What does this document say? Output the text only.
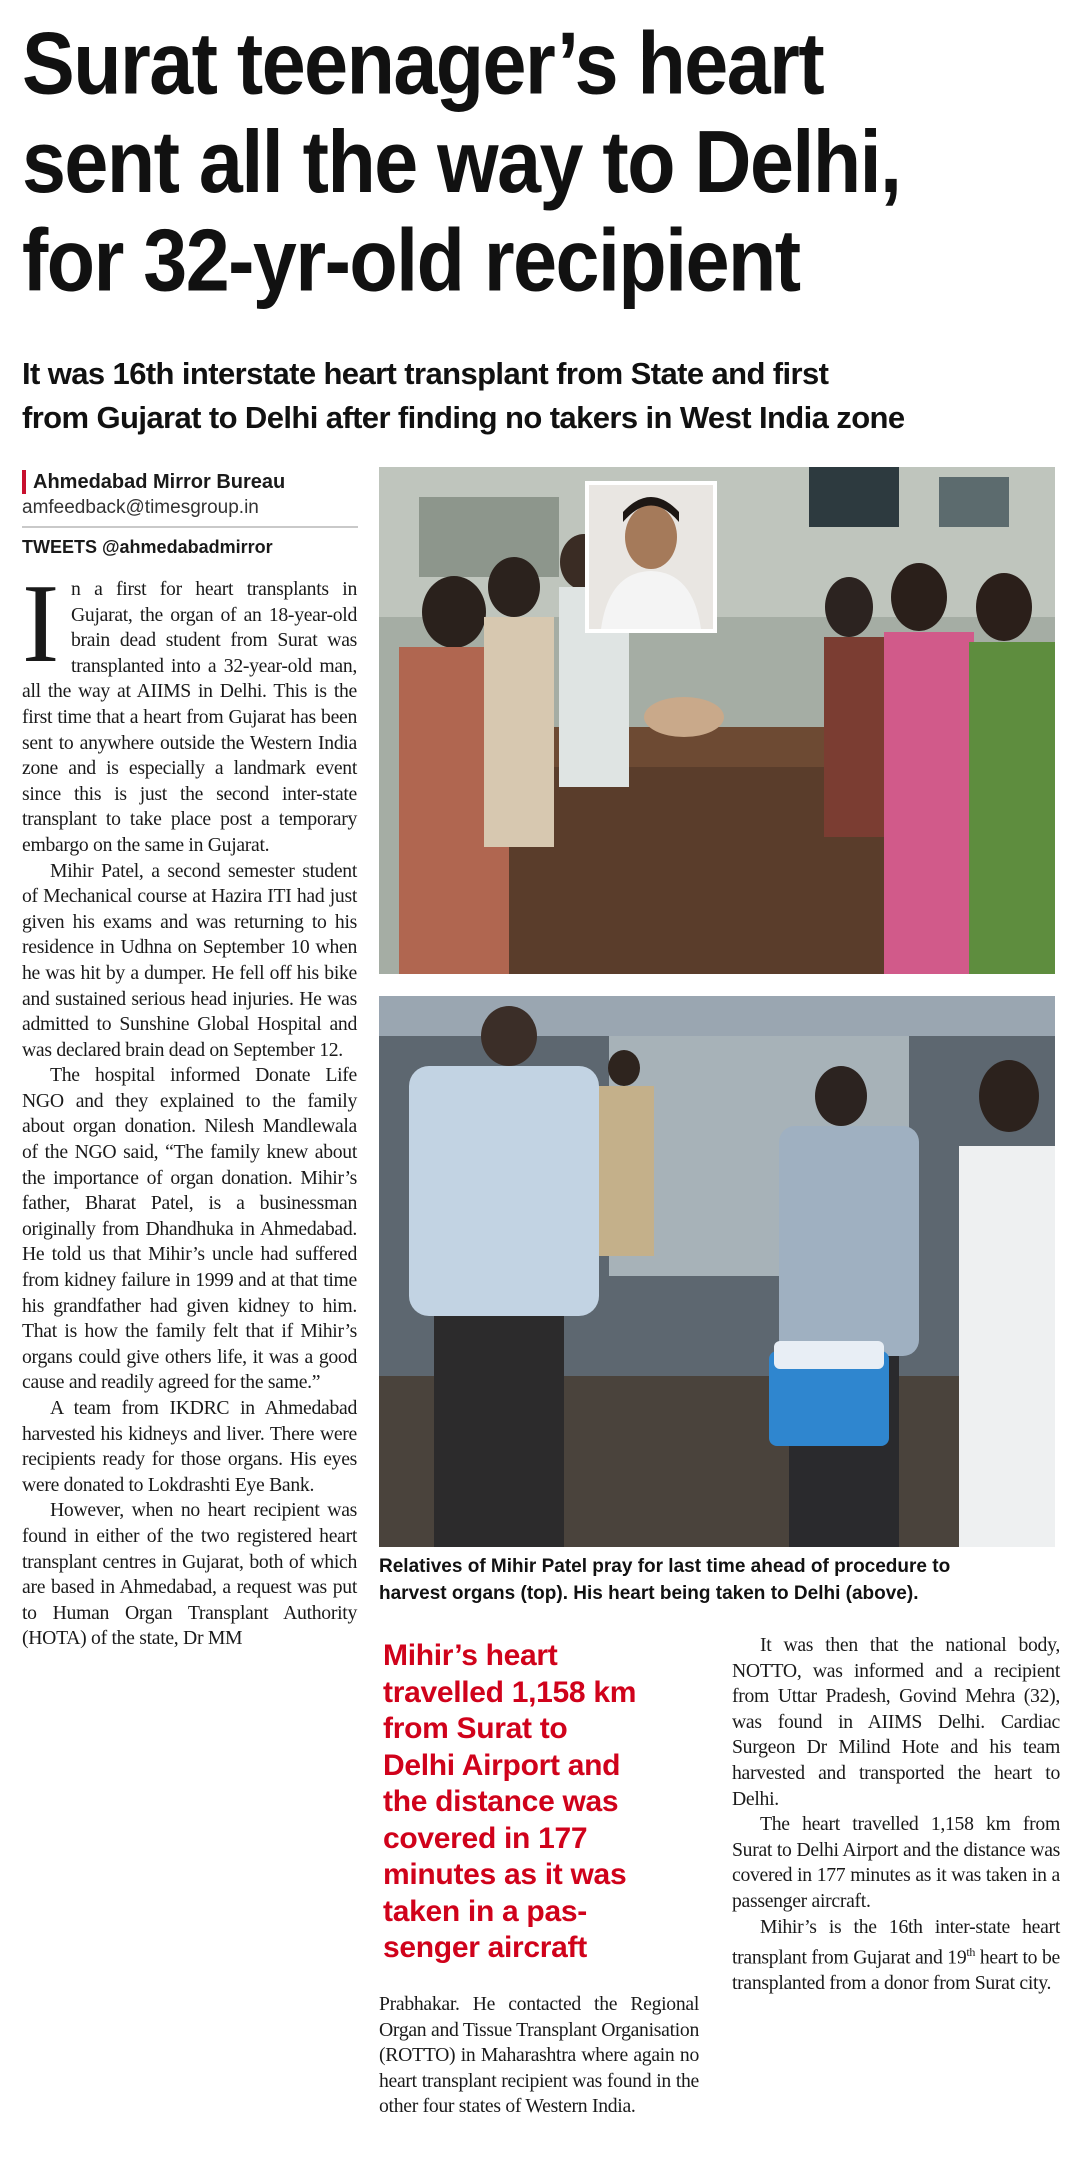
Surat teenager’s heart
sent all the way to Delhi,
for 32-yr-old recipient
It was 16th interstate heart transplant from State and first
from Gujarat to Delhi after finding no takers in West India zone
Ahmedabad Mirror Bureau
amfeedback@timesgroup.in
TWEETS @ahmedabadmirror

In a first for heart transplants in Gujarat, the organ of an 18-year-old brain dead student from Surat was transplanted into a 32-year-old man, all the way at AIIMS in Delhi. This is the first time that a heart from Gujarat has been sent to anywhere outside the Western India zone and is especially a landmark event since this is just the second inter-state transplant to take place post a temporary embargo on the same in Gujarat.

Mihir Patel, a second semester student of Mechanical course at Hazira ITI had just given his exams and was returning to his residence in Udhna on September 10 when he was hit by a dumper. He fell off his bike and sustained serious head injuries. He was admitted to Sunshine Global Hospital and was declared brain dead on September 12.

The hospital informed Donate Life NGO and they explained to the family about organ donation. Nilesh Mandlewala of the NGO said, “The family knew about the importance of organ donation. Mihir’s father, Bharat Patel, is a businessman originally from Dhandhuka in Ahmedabad. He told us that Mihir’s uncle had suffered from kidney failure in 1999 and at that time his grandfather had given kidney to him. That is how the family felt that if Mihir’s organs could give others life, it was a good cause and readily agreed for the same.”

A team from IKDRC in Ahmedabad harvested his kidneys and liver. There were recipients ready for those organs. His eyes were donated to Lokdrashti Eye Bank.

However, when no heart recipient was found in either of the two registered heart transplant centres in Gujarat, both of which are based in Ahmedabad, a request was put to Human Organ Transplant Authority (HOTA) of the state, Dr MM

Relatives of Mihir Patel pray for last time ahead of procedure to
harvest organs (top). His heart being taken to Delhi (above).
Mihir’s heart
travelled 1,158 km
from Surat to
Delhi Airport and
the distance was
covered in 177
minutes as it was
taken in a pas-
senger aircraft

Prabhakar. He contacted the Regional Organ and Tissue Transplant Organisation (ROTTO) in Maharashtra where again no heart transplant recipient was found in the other four states of Western India.

It was then that the national body, NOTTO, was informed and a recipient from Uttar Pradesh, Govind Mehra (32), was found in AIIMS Delhi. Cardiac Surgeon Dr Milind Hote and his team harvested and transported the heart to Delhi.

The heart travelled 1,158 km from Surat to Delhi Airport and the distance was covered in 177 minutes as it was taken in a passenger aircraft.

Mihir’s is the 16th inter-state heart transplant from Gujarat and 19th heart to be transplanted from a donor from Surat city.
